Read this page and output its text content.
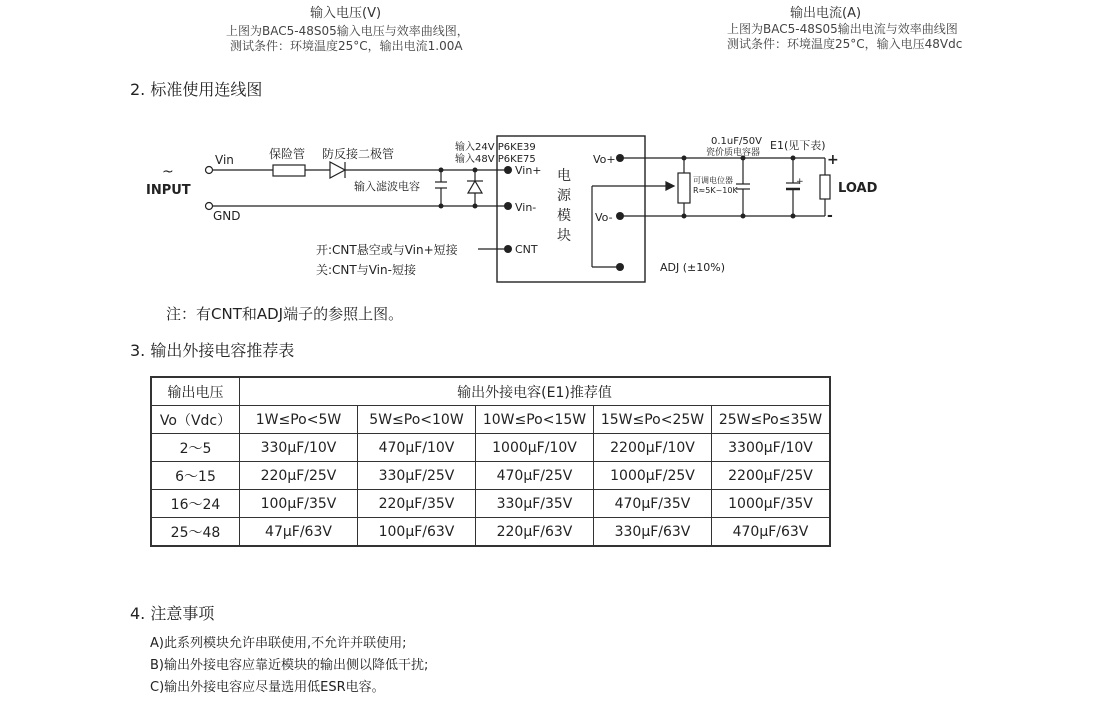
输入电压(V)
上图为BAC5-48S05输入电压与效率曲线图，
测试条件：环境温度25°C，输出电流1.00A
输出电流(A)
上图为BAC5-48S05输出电流与效率曲线图
测试条件：环境温度25°C，输入电压48Vdc
2. 标准使用连线图
~
Vin
INPUT
GND
保险管 防反接二极管
输入滤波电容
输入24V P6KE39
输入48V P6KE75
Vin+
Vin-
CNT
电
源
模
块
Vo+
Vo-
0.1uF/50V
瓷价质电容器
E1(见下表)
可调电位器
R≈5K~10K
+
+
LOAD
-
ADJ (±10%)
开:CNT悬空或与Vin+短接
关:CNT与Vin-短接
注：有CNT和ADJ端子的参照上图。
3. 输出外接电容推荐表
输出电压	输出外接电容(E1)推荐值				
Vo（Vdc）	1W≤Po<5W	5W≤Po<10W	10W≤Po<15W	15W≤Po<25W	25W≤Po≤35W
2～5	330μF/10V	470μF/10V	1000μF/10V	2200μF/10V	3300μF/10V
6～15	220μF/25V	330μF/25V	470μF/25V	1000μF/25V	2200μF/25V
16～24	100μF/35V	220μF/35V	330μF/35V	470μF/35V	1000μF/35V
25～48	47μF/63V	100μF/63V	220μF/63V	330μF/63V	470μF/63V
4. 注意事项
A)此系列模块允许串联使用,不允许并联使用;
B)输出外接电容应靠近模块的输出侧以降低干扰;
C)输出外接电容应尽量选用低ESR电容。
